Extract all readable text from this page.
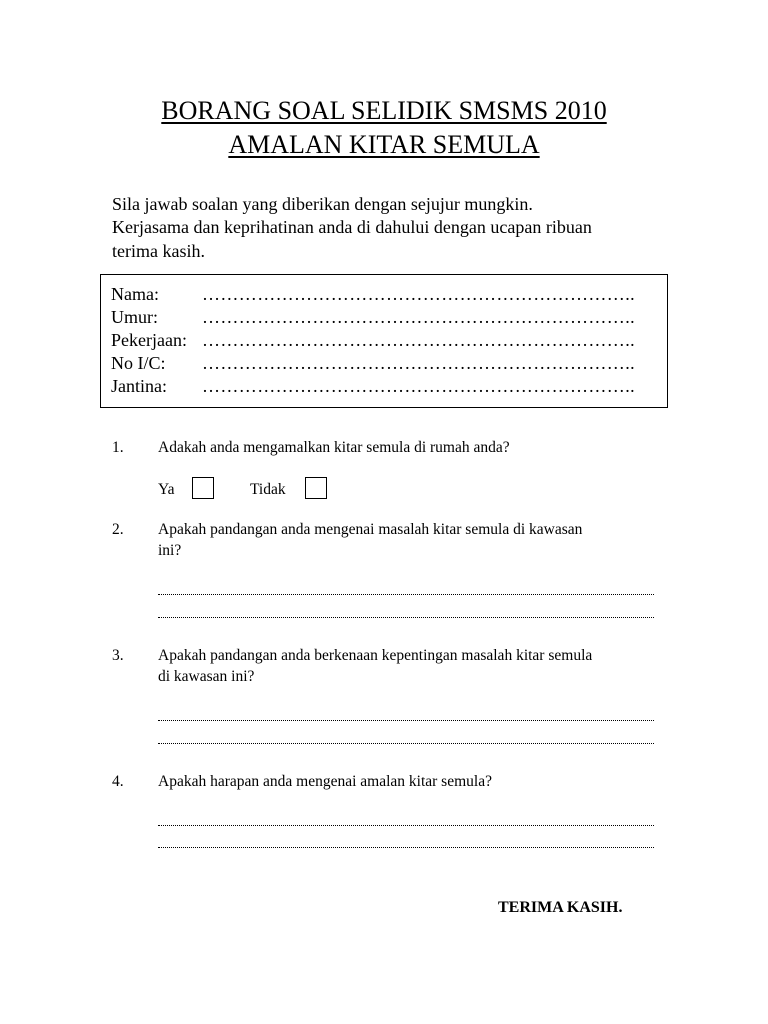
BORANG SOAL SELIDIK SMSMS 2010
AMALAN KITAR SEMULA
Sila jawab soalan yang diberikan dengan sejujur mungkin.
Kerjasama dan keprihatinan anda di dahului dengan ucapan ribuan
terima kasih.
Nama: ……………………………………………………………..
Umur: ……………………………………………………………..
Pekerjaan: ……………………………………………………………..
No I/C: ……………………………………………………………..
Jantina: ……………………………………………………………..
1. Adakah anda mengamalkan kitar semula di rumah anda?
Ya	Tidak
2. Apakah pandangan anda mengenai masalah kitar semula di kawasan
ini?
3. Apakah pandangan anda berkenaan kepentingan masalah kitar semula
di kawasan ini?
4. Apakah harapan anda mengenai amalan kitar semula?
TERIMA KASIH.
